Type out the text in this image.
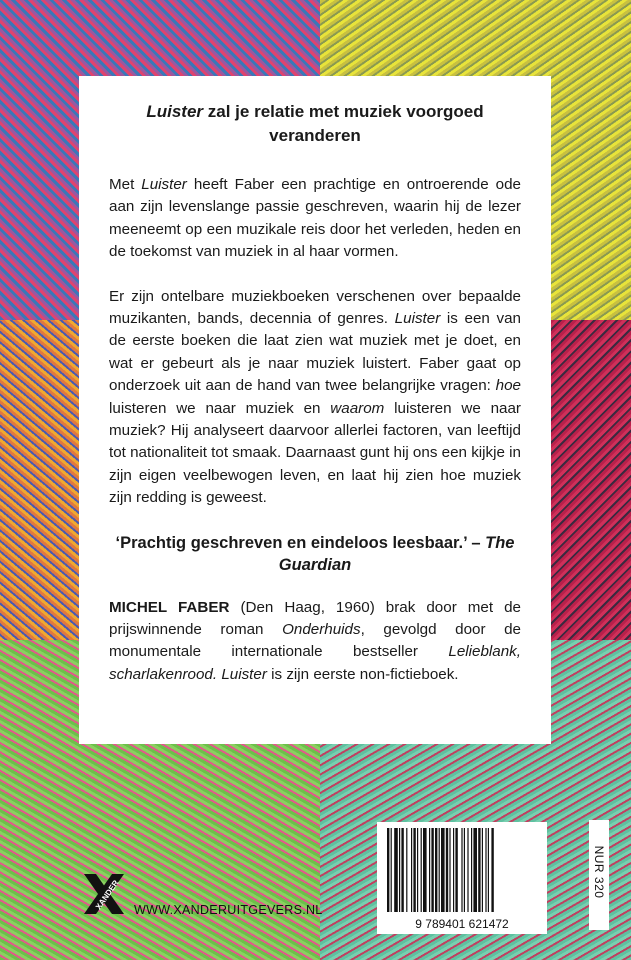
Luister zal je relatie met muziek voorgoed veranderen

Met Luister heeft Faber een prachtige en ontroerende ode aan zijn levenslange passie geschreven, waarin hij de lezer meeneemt op een muzikale reis door het verleden, heden en de toekomst van muziek in al haar vormen.

Er zijn ontelbare muziekboeken verschenen over bepaalde muzikanten, bands, decennia of genres. Luister is een van de eerste boeken die laat zien wat muziek met je doet, en wat er gebeurt als je naar muziek luistert. Faber gaat op onderzoek uit aan de hand van twee belangrijke vragen: hoe luisteren we naar muziek en waarom luisteren we naar muziek? Hij analyseert daarvoor allerlei factoren, van leeftijd tot nationaliteit tot smaak. Daarnaast gunt hij ons een kijkje in zijn eigen veelbewogen leven, en laat hij zien hoe muziek zijn redding is geweest.

‘Prachtig geschreven en eindeloos leesbaar.’ – The Guardian

MICHEL FABER (Den Haag, 1960) brak door met de prijswinnende roman Onderhuids, gevolgd door de monumentale internationale bestseller Lelieblank, scharlakenrood. Luister is zijn eerste non-fictieboek.

9 789401 621472
NUR 320
XANDER WWW.XANDERUITGEVERS.NL
